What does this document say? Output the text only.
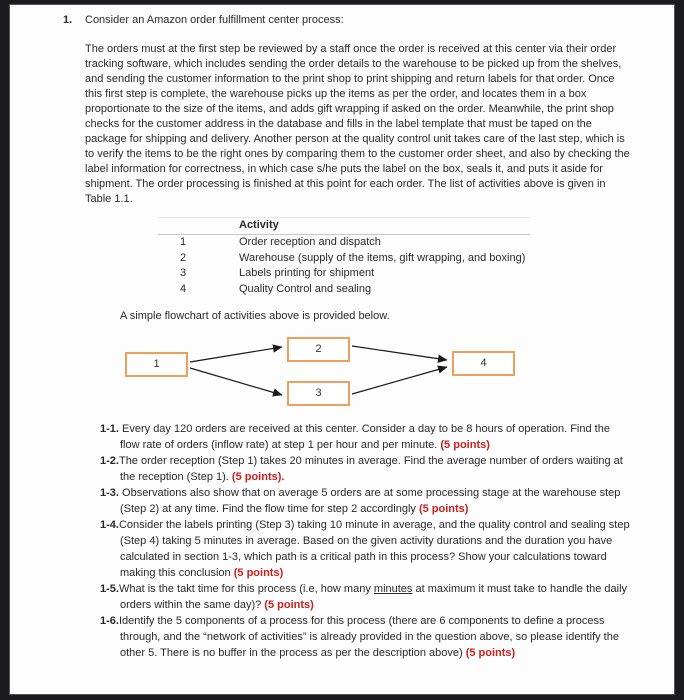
1. Consider an Amazon order fulfillment center process:

The orders must at the first step be reviewed by a staff once the order is received at this center via their order tracking software, which includes sending the order details to the warehouse to be picked up from the shelves, and sending the customer information to the print shop to print shipping and return labels for that order. Once this first step is complete, the warehouse picks up the items as per the order, and locates them in a box proportionate to the size of the items, and adds gift wrapping if asked on the order. Meanwhile, the print shop checks for the customer address in the database and fills in the label template that must be taped on the package for shipping and delivery. Another person at the quality control unit takes care of the last step, which is to verify the items to be the right ones by comparing them to the customer order sheet, and also by checking the label information for correctness, in which case s/he puts the label on the box, seals it, and puts it aside for shipment. The order processing is finished at this point for each order. The list of activities above is given in Table 1.1.

Activity
1	Order reception and dispatch
2	Warehouse (supply of the items, gift wrapping, and boxing)
3	Labels printing for shipment
4	Quality Control and sealing

A simple flowchart of activities above is provided below.

1
2
3
4

1-1. Every day 120 orders are received at this center. Consider a day to be 8 hours of operation. Find the flow rate of orders (inflow rate) at step 1 per hour and per minute. (5 points)

1-2.The order reception (Step 1) takes 20 minutes in average. Find the average number of orders waiting at the reception (Step 1). (5 points).

1-3. Observations also show that on average 5 orders are at some processing stage at the warehouse step (Step 2) at any time. Find the flow time for step 2 accordingly (5 points)

1-4.Consider the labels printing (Step 3) taking 10 minute in average, and the quality control and sealing step (Step 4) taking 5 minutes in average. Based on the given activity durations and the duration you have calculated in section 1-3, which path is a critical path in this process? Show your calculations toward making this conclusion (5 points)

1-5.What is the takt time for this process (i.e, how many minutes at maximum it must take to handle the daily orders within the same day)? (5 points)

1-6.Identify the 5 components of a process for this process (there are 6 components to define a process through, and the “network of activities” is already provided in the question above, so please identify the other 5. There is no buffer in the process as per the description above) (5 points)
